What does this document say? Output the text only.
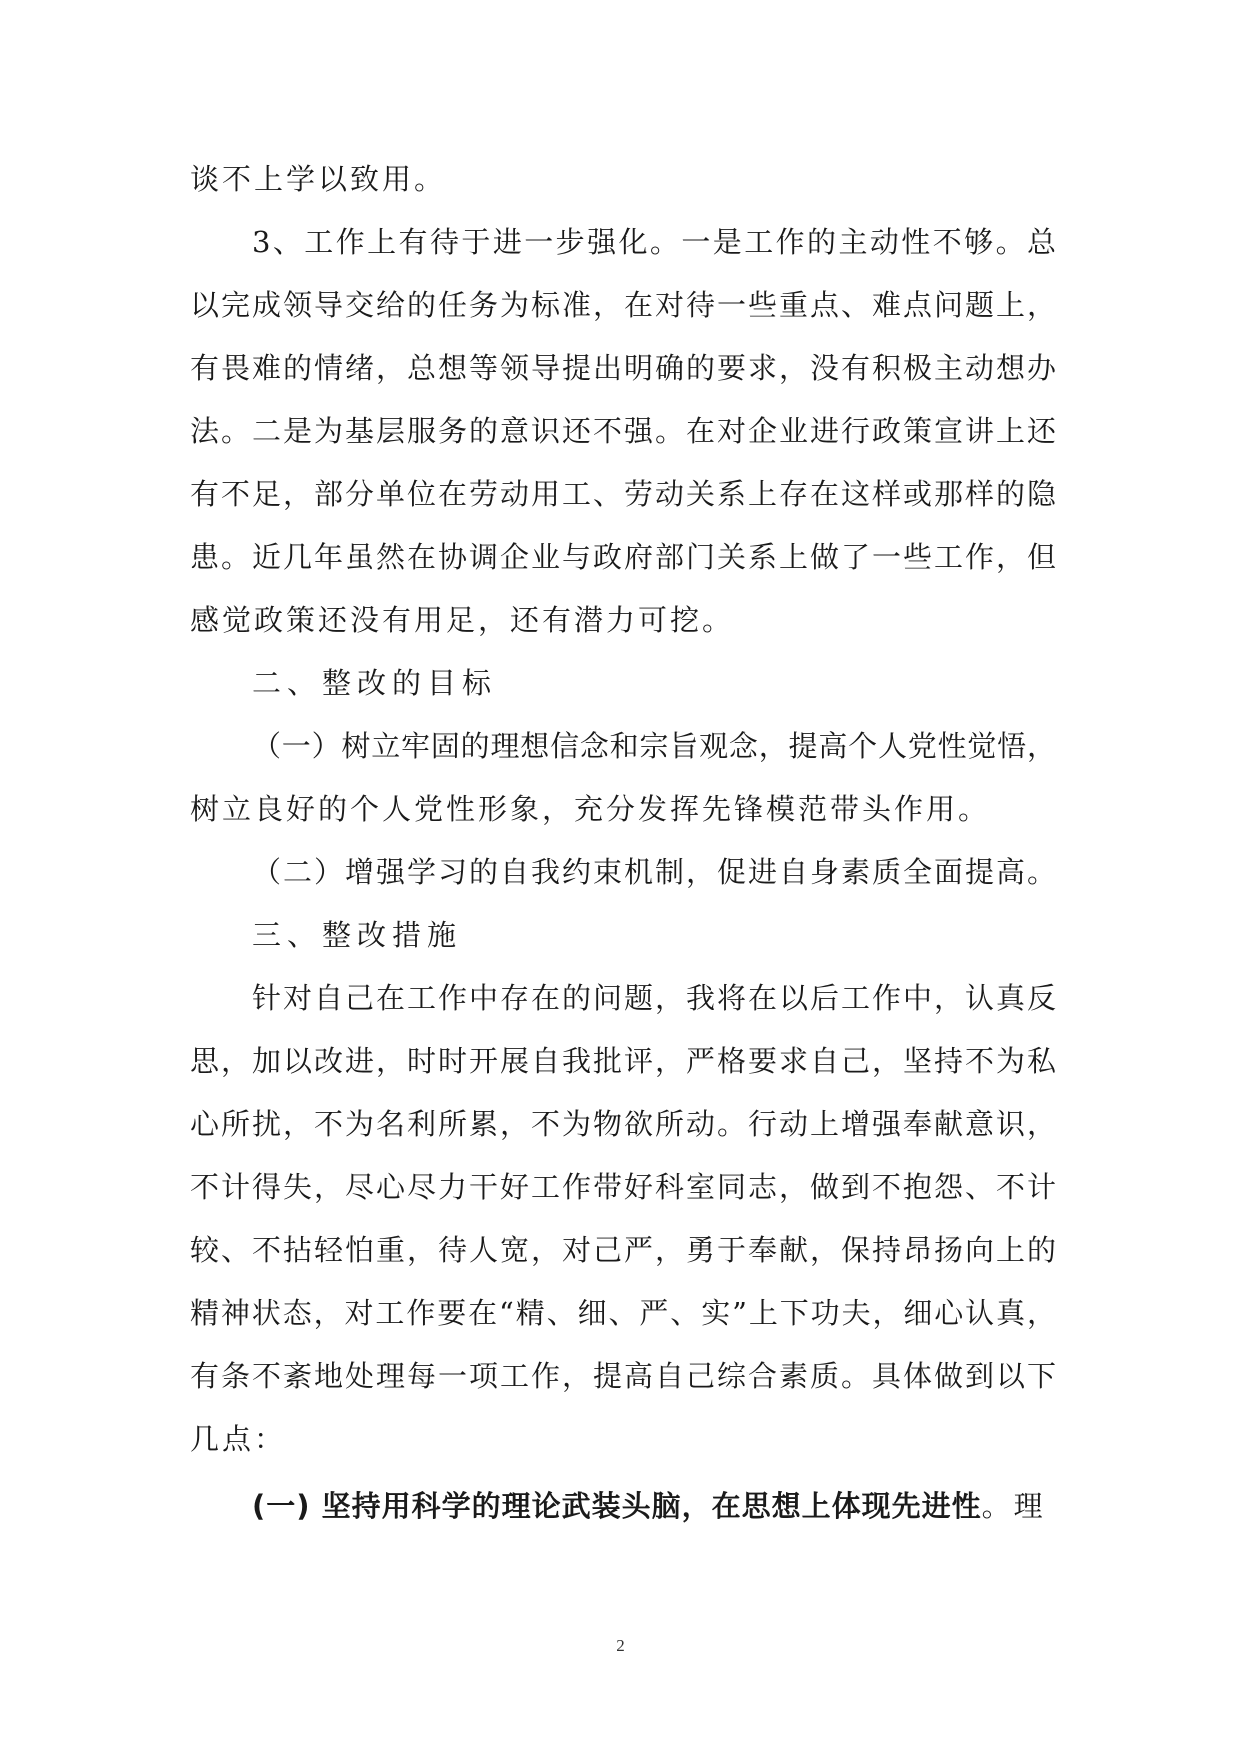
谈不上学以致用。
3、工作上有待于进一步强化。一是工作的主动性不够。总
以完成领导交给的任务为标准，在对待一些重点、难点问题上，
有畏难的情绪，总想等领导提出明确的要求，没有积极主动想办
法。二是为基层服务的意识还不强。在对企业进行政策宣讲上还
有不足，部分单位在劳动用工、劳动关系上存在这样或那样的隐
患。近几年虽然在协调企业与政府部门关系上做了一些工作，但
感觉政策还没有用足，还有潜力可挖。
二、整改的目标
（一）树立牢固的理想信念和宗旨观念，提高个人党性觉悟，
树立良好的个人党性形象，充分发挥先锋模范带头作用。
（二）增强学习的自我约束机制，促进自身素质全面提高。
三、整改措施
针对自己在工作中存在的问题，我将在以后工作中，认真反
思，加以改进，时时开展自我批评，严格要求自己，坚持不为私
心所扰，不为名利所累，不为物欲所动。行动上增强奉献意识，
不计得失，尽心尽力干好工作带好科室同志，做到不抱怨、不计
较、不拈轻怕重，待人宽，对己严，勇于奉献，保持昂扬向上的
精神状态，对工作要在“精、细、严、实”上下功夫，细心认真，
有条不紊地处理每一项工作，提高自己综合素质。具体做到以下
几点：
(一) 坚持用科学的理论武装头脑，在思想上体现先进性。理
2
